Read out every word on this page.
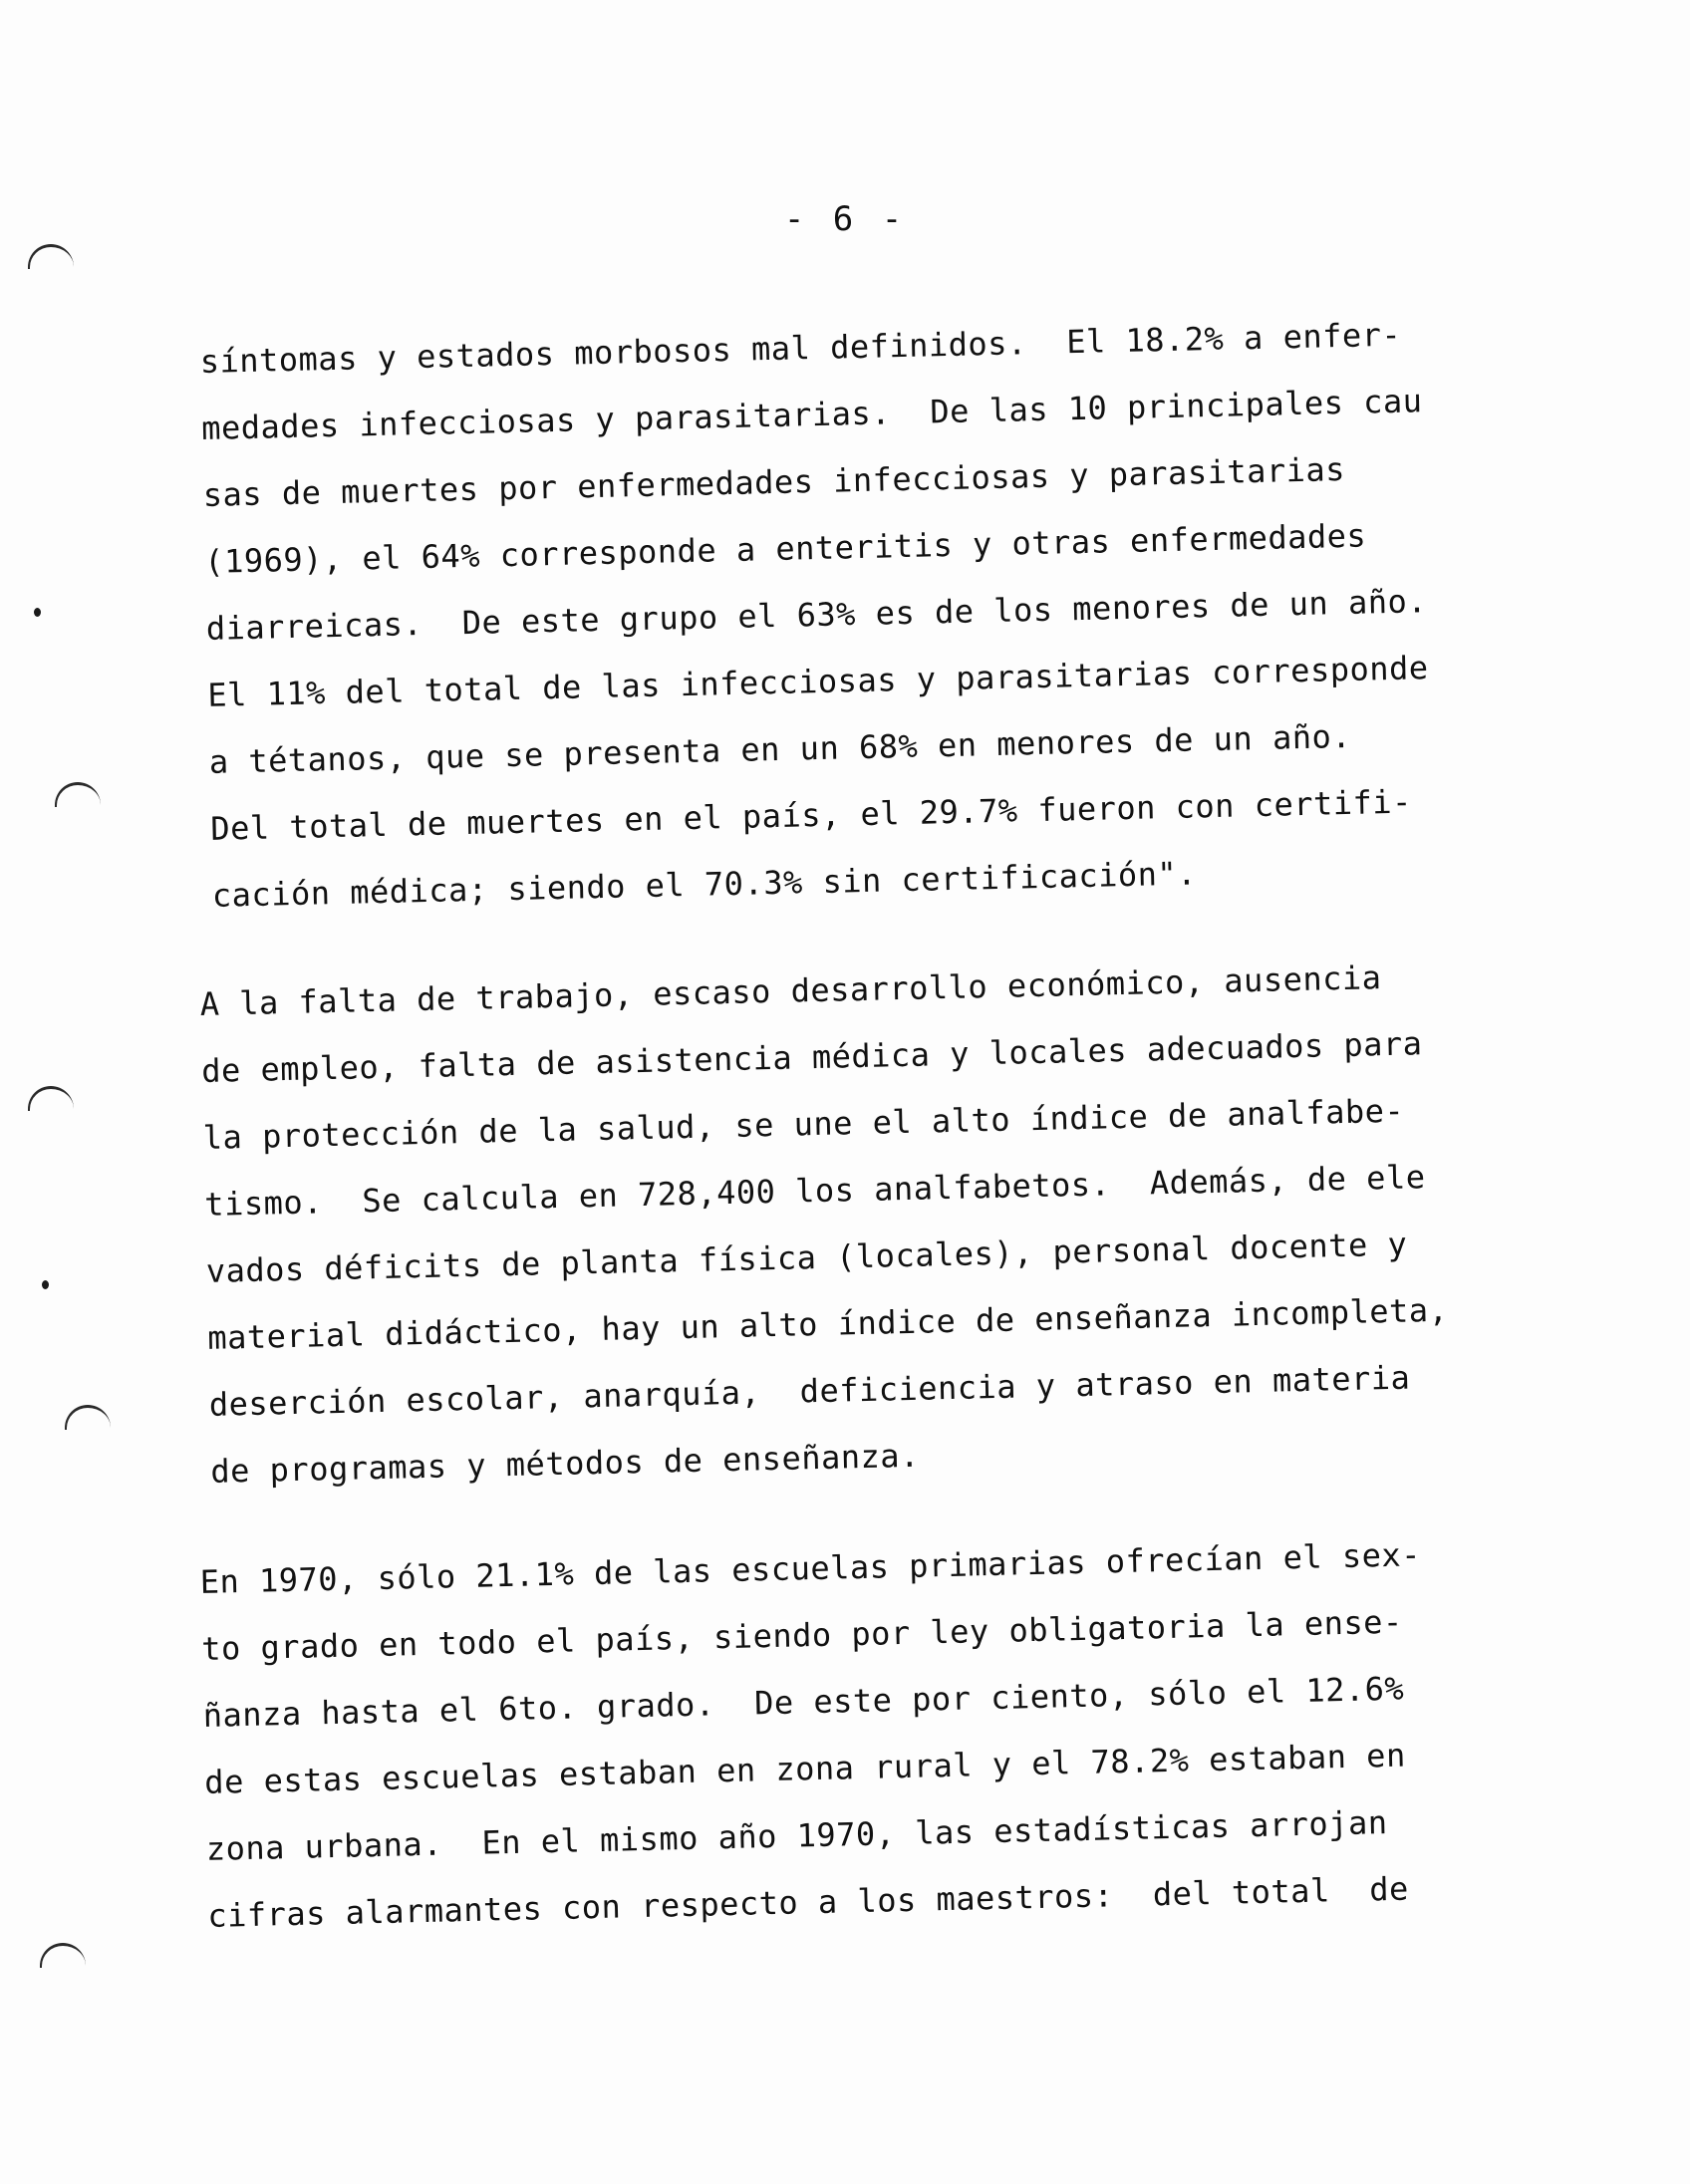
- 6 -

síntomas y estados morbosos mal definidos.  El 18.2% a enfer-
medades infecciosas y parasitarias.  De las 10 principales cau
sas de muertes por enfermedades infecciosas y parasitarias
(1969), el 64% corresponde a enteritis y otras enfermedades
diarreicas.  De este grupo el 63% es de los menores de un año.
El 11% del total de las infecciosas y parasitarias corresponde
a tétanos, que se presenta en un 68% en menores de un año.
Del total de muertes en el país, el 29.7% fueron con certifi-
cación médica; siendo el 70.3% sin certificación".

A la falta de trabajo, escaso desarrollo económico, ausencia
de empleo, falta de asistencia médica y locales adecuados para
la protección de la salud, se une el alto índice de analfabe-
tismo.  Se calcula en 728,400 los analfabetos.  Además, de ele
vados déficits de planta física (locales), personal docente y
material didáctico, hay un alto índice de enseñanza incompleta,
deserción escolar, anarquía,  deficiencia y atraso en materia
de programas y métodos de enseñanza.

En 1970, sólo 21.1% de las escuelas primarias ofrecían el sex-
to grado en todo el país, siendo por ley obligatoria la ense-
ñanza hasta el 6to. grado.  De este por ciento, sólo el 12.6%
de estas escuelas estaban en zona rural y el 78.2% estaban en
zona urbana.  En el mismo año 1970, las estadísticas arrojan
cifras alarmantes con respecto a los maestros:  del total  de
